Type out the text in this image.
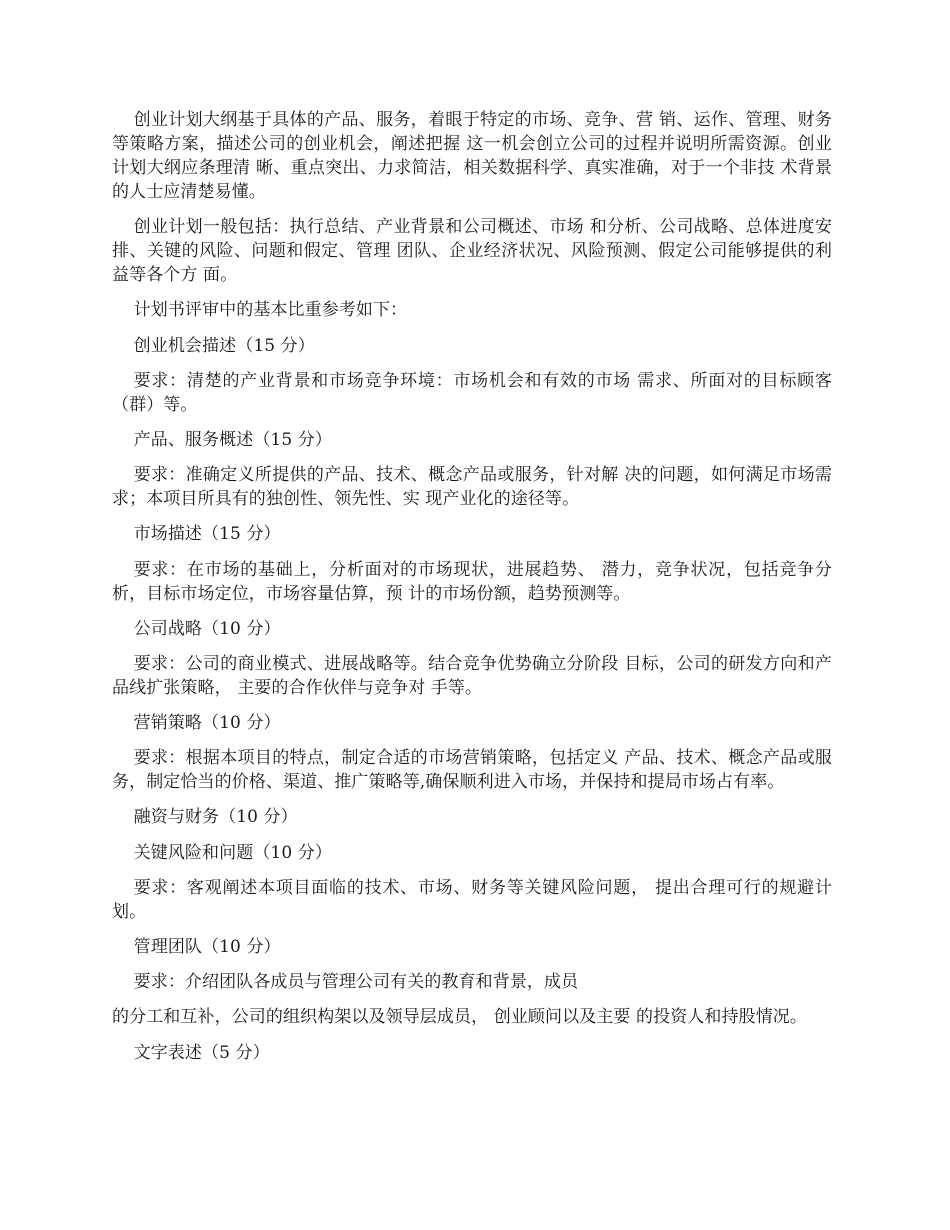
创业计划大纲基于具体的产品、服务，着眼于特定的市场、竞争、营 销、运作、管理、财务等策略方案，描述公司的创业机会，阐述把握 这一机会创立公司的过程并说明所需资源。创业计划大纲应条理清 晰、重点突出、力求简洁，相关数据科学、真实准确，对于一个非技 术背景的人士应清楚易懂。

创业计划一般包括：执行总结、产业背景和公司概述、市场 和分析、公司战略、总体进度安排、关键的风险、问题和假定、管理 团队、企业经济状况、风险预测、假定公司能够提供的利益等各个方 面。

计划书评审中的基本比重参考如下：

创业机会描述（15 分）

要求：清楚的产业背景和市场竞争环境：市场机会和有效的市场 需求、所面对的目标顾客（群）等。

产品、服务概述（15 分）

要求：准确定义所提供的产品、技术、概念产品或服务，针对解 决的问题，如何满足市场需求；本项目所具有的独创性、领先性、实 现产业化的途径等。

市场描述（15 分）

要求：在市场的基础上，分析面对的市场现状，进展趋势、 潜力，竞争状况，包括竞争分析，目标市场定位，市场容量估算，预 计的市场份额，趋势预测等。

公司战略（10 分）

要求：公司的商业模式、进展战略等。结合竞争优势确立分阶段 目标，公司的研发方向和产品线扩张策略， 主要的合作伙伴与竞争对 手等。

营销策略（10 分）

要求：根据本项目的特点，制定合适的市场营销策略，包括定义 产品、技术、概念产品或服务，制定恰当的价格、渠道、推广策略等,确保顺利进入市场，并保持和提局市场占有率。

融资与财务（10 分）

关键风险和问题（10 分）

要求：客观阐述本项目面临的技术、市场、财务等关键风险问题， 提出合理可行的规避计划。

管理团队（10 分）

要求：介绍团队各成员与管理公司有关的教育和背景，成员

的分工和互补，公司的组织构架以及领导层成员， 创业顾问以及主要 的投资人和持股情况。

文字表述（5 分）
